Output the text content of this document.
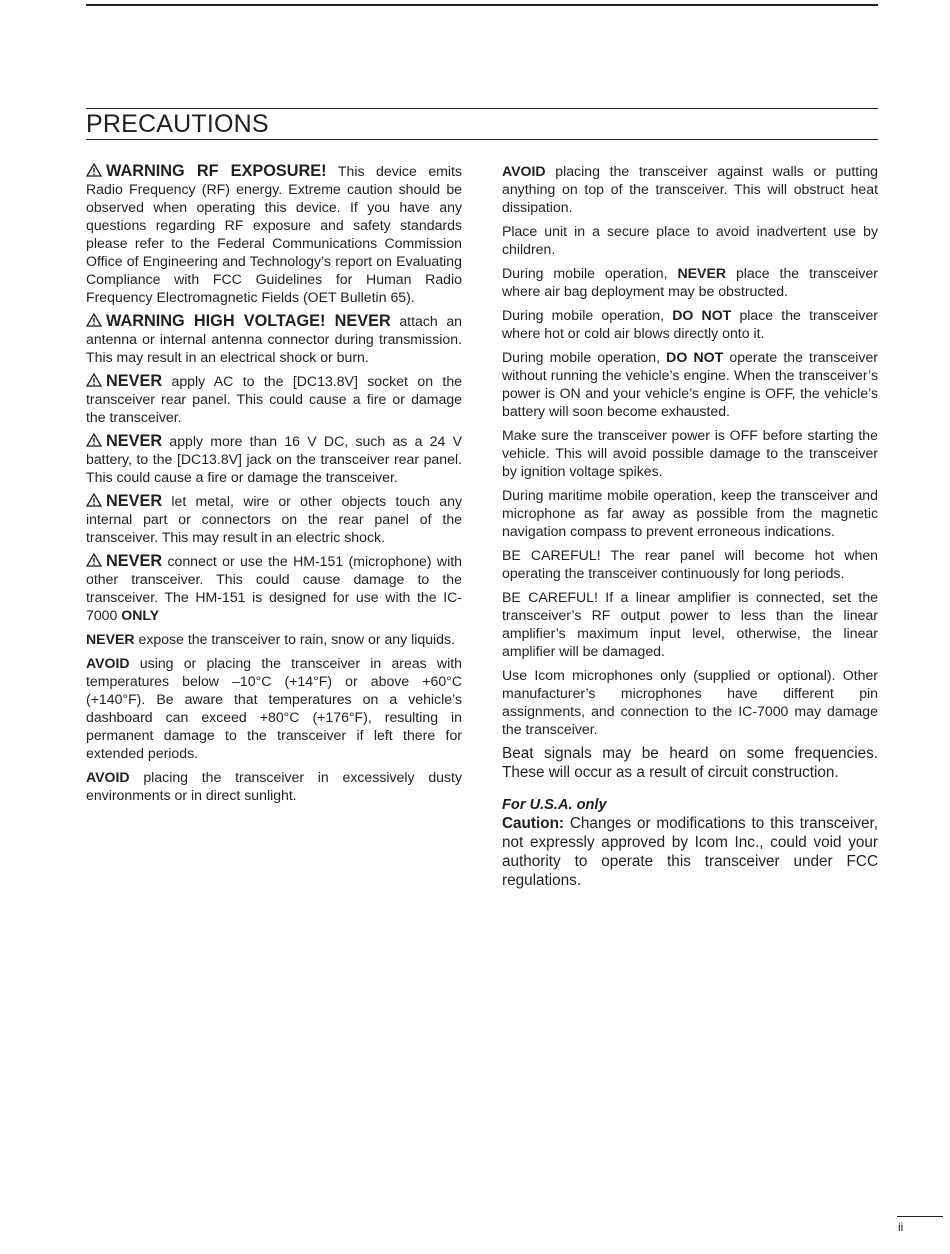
PRECAUTIONS

WARNING RF EXPOSURE! This device emits Radio Frequency (RF) energy. Extreme caution should be observed when operating this device. If you have any questions regarding RF exposure and safety standards please refer to the Federal Communications Commission Office of Engineering and Technology’s report on Evaluating Compliance with FCC Guidelines for Human Radio Frequency Electromagnetic Fields (OET Bulletin 65).

WARNING HIGH VOLTAGE! NEVER attach an antenna or internal antenna connector during transmission. This may result in an electrical shock or burn.

NEVER apply AC to the [DC13.8V] socket on the transceiver rear panel. This could cause a fire or damage the transceiver.

NEVER apply more than 16 V DC, such as a 24 V battery, to the [DC13.8V] jack on the transceiver rear panel. This could cause a fire or damage the transceiver.

NEVER let metal, wire or other objects touch any internal part or connectors on the rear panel of the transceiver. This may result in an electric shock.

NEVER connect or use the HM-151 (microphone) with other transceiver. This could cause damage to the transceiver. The HM-151 is designed for use with the IC-7000 ONLY

NEVER expose the transceiver to rain, snow or any liquids.

AVOID using or placing the transceiver in areas with temperatures below –10°C (+14°F) or above +60°C (+140°F). Be aware that temperatures on a vehicle’s dashboard can exceed +80°C (+176°F), resulting in permanent damage to the transceiver if left there for extended periods.

AVOID placing the transceiver in excessively dusty environments or in direct sunlight.

AVOID placing the transceiver against walls or putting anything on top of the transceiver. This will obstruct heat dissipation.

Place unit in a secure place to avoid inadvertent use by children.

During mobile operation, NEVER place the transceiver where air bag deployment may be obstructed.

During mobile operation, DO NOT place the transceiver where hot or cold air blows directly onto it.

During mobile operation, DO NOT operate the transceiver without running the vehicle’s engine. When the transceiver’s power is ON and your vehicle’s engine is OFF, the vehicle’s battery will soon become exhausted.

Make sure the transceiver power is OFF before starting the vehicle. This will avoid possible damage to the transceiver by ignition voltage spikes.

During maritime mobile operation, keep the transceiver and microphone as far away as possible from the magnetic navigation compass to prevent erroneous indications.

BE CAREFUL! The rear panel will become hot when operating the transceiver continuously for long periods.

BE CAREFUL! If a linear amplifier is connected, set the transceiver’s RF output power to less than the linear amplifier’s maximum input level, otherwise, the linear amplifier will be damaged.

Use Icom microphones only (supplied or optional). Other manufacturer’s microphones have different pin assignments, and connection to the IC-7000 may damage the transceiver.

Beat signals may be heard on some frequencies. These will occur as a result of circuit construction.

For U.S.A. only

Caution: Changes or modifications to this transceiver, not expressly approved by Icom Inc., could void your authority to operate this transceiver under FCC regulations.

ii
